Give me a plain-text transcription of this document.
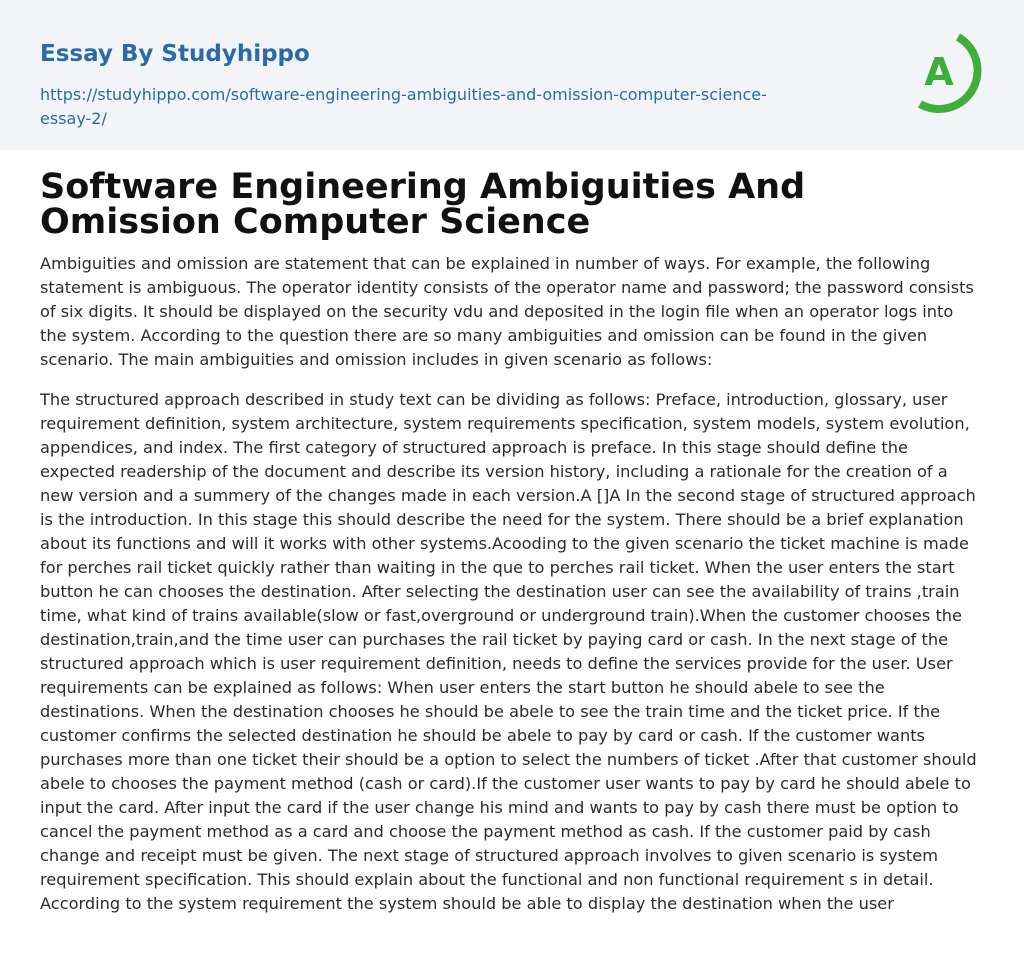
Essay By Studyhippo
https://studyhippo.com/software-engineering-ambiguities-and-omission-computer-science-essay-2/
A
Software Engineering Ambiguities And Omission Computer Science

Ambiguities and omission are statement that can be explained in number of ways. For example, the following statement is ambiguous. The operator identity consists of the operator name and password; the password consists of six digits. It should be displayed on the security vdu and deposited in the login file when an operator logs into the system. According to the question there are so many ambiguities and omission can be found in the given scenario. The main ambiguities and omission includes in given scenario as follows:

The structured approach described in study text can be dividing as follows: Preface, introduction, glossary, user requirement definition, system architecture, system requirements specification, system models, system evolution, appendices, and index. The first category of structured approach is preface. In this stage should define the expected readership of the document and describe its version history, including a rationale for the creation of a new version and a summery of the changes made in each version.A []A In the second stage of structured approach is the introduction. In this stage this should describe the need for the system. There should be a brief explanation about its functions and will it works with other systems.Acooding to the given scenario the ticket machine is made for perches rail ticket quickly rather than waiting in the que to perches rail ticket. When the user enters the start button he can chooses the destination. After selecting the destination user can see the availability of trains ,train time, what kind of trains available(slow or fast,overground or underground train).When the customer chooses the destination,train,and the time user can purchases the rail ticket by paying card or cash. In the next stage of the structured approach which is user requirement definition, needs to define the services provide for the user. User requirements can be explained as follows: When user enters the start button he should abele to see the destinations. When the destination chooses he should be abele to see the train time and the ticket price. If the customer confirms the selected destination he should be abele to pay by card or cash. If the customer wants purchases more than one ticket their should be a option to select the numbers of ticket .After that customer should abele to chooses the payment method (cash or card).If the customer user wants to pay by card he should abele to input the card. After input the card if the user change his mind and wants to pay by cash there must be option to cancel the payment method as a card and choose the payment method as cash. If the customer paid by cash change and receipt must be given. The next stage of structured approach involves to given scenario is system requirement specification. This should explain about the functional and non functional requirement s in detail. According to the system requirement the system should be able to display the destination when the user
